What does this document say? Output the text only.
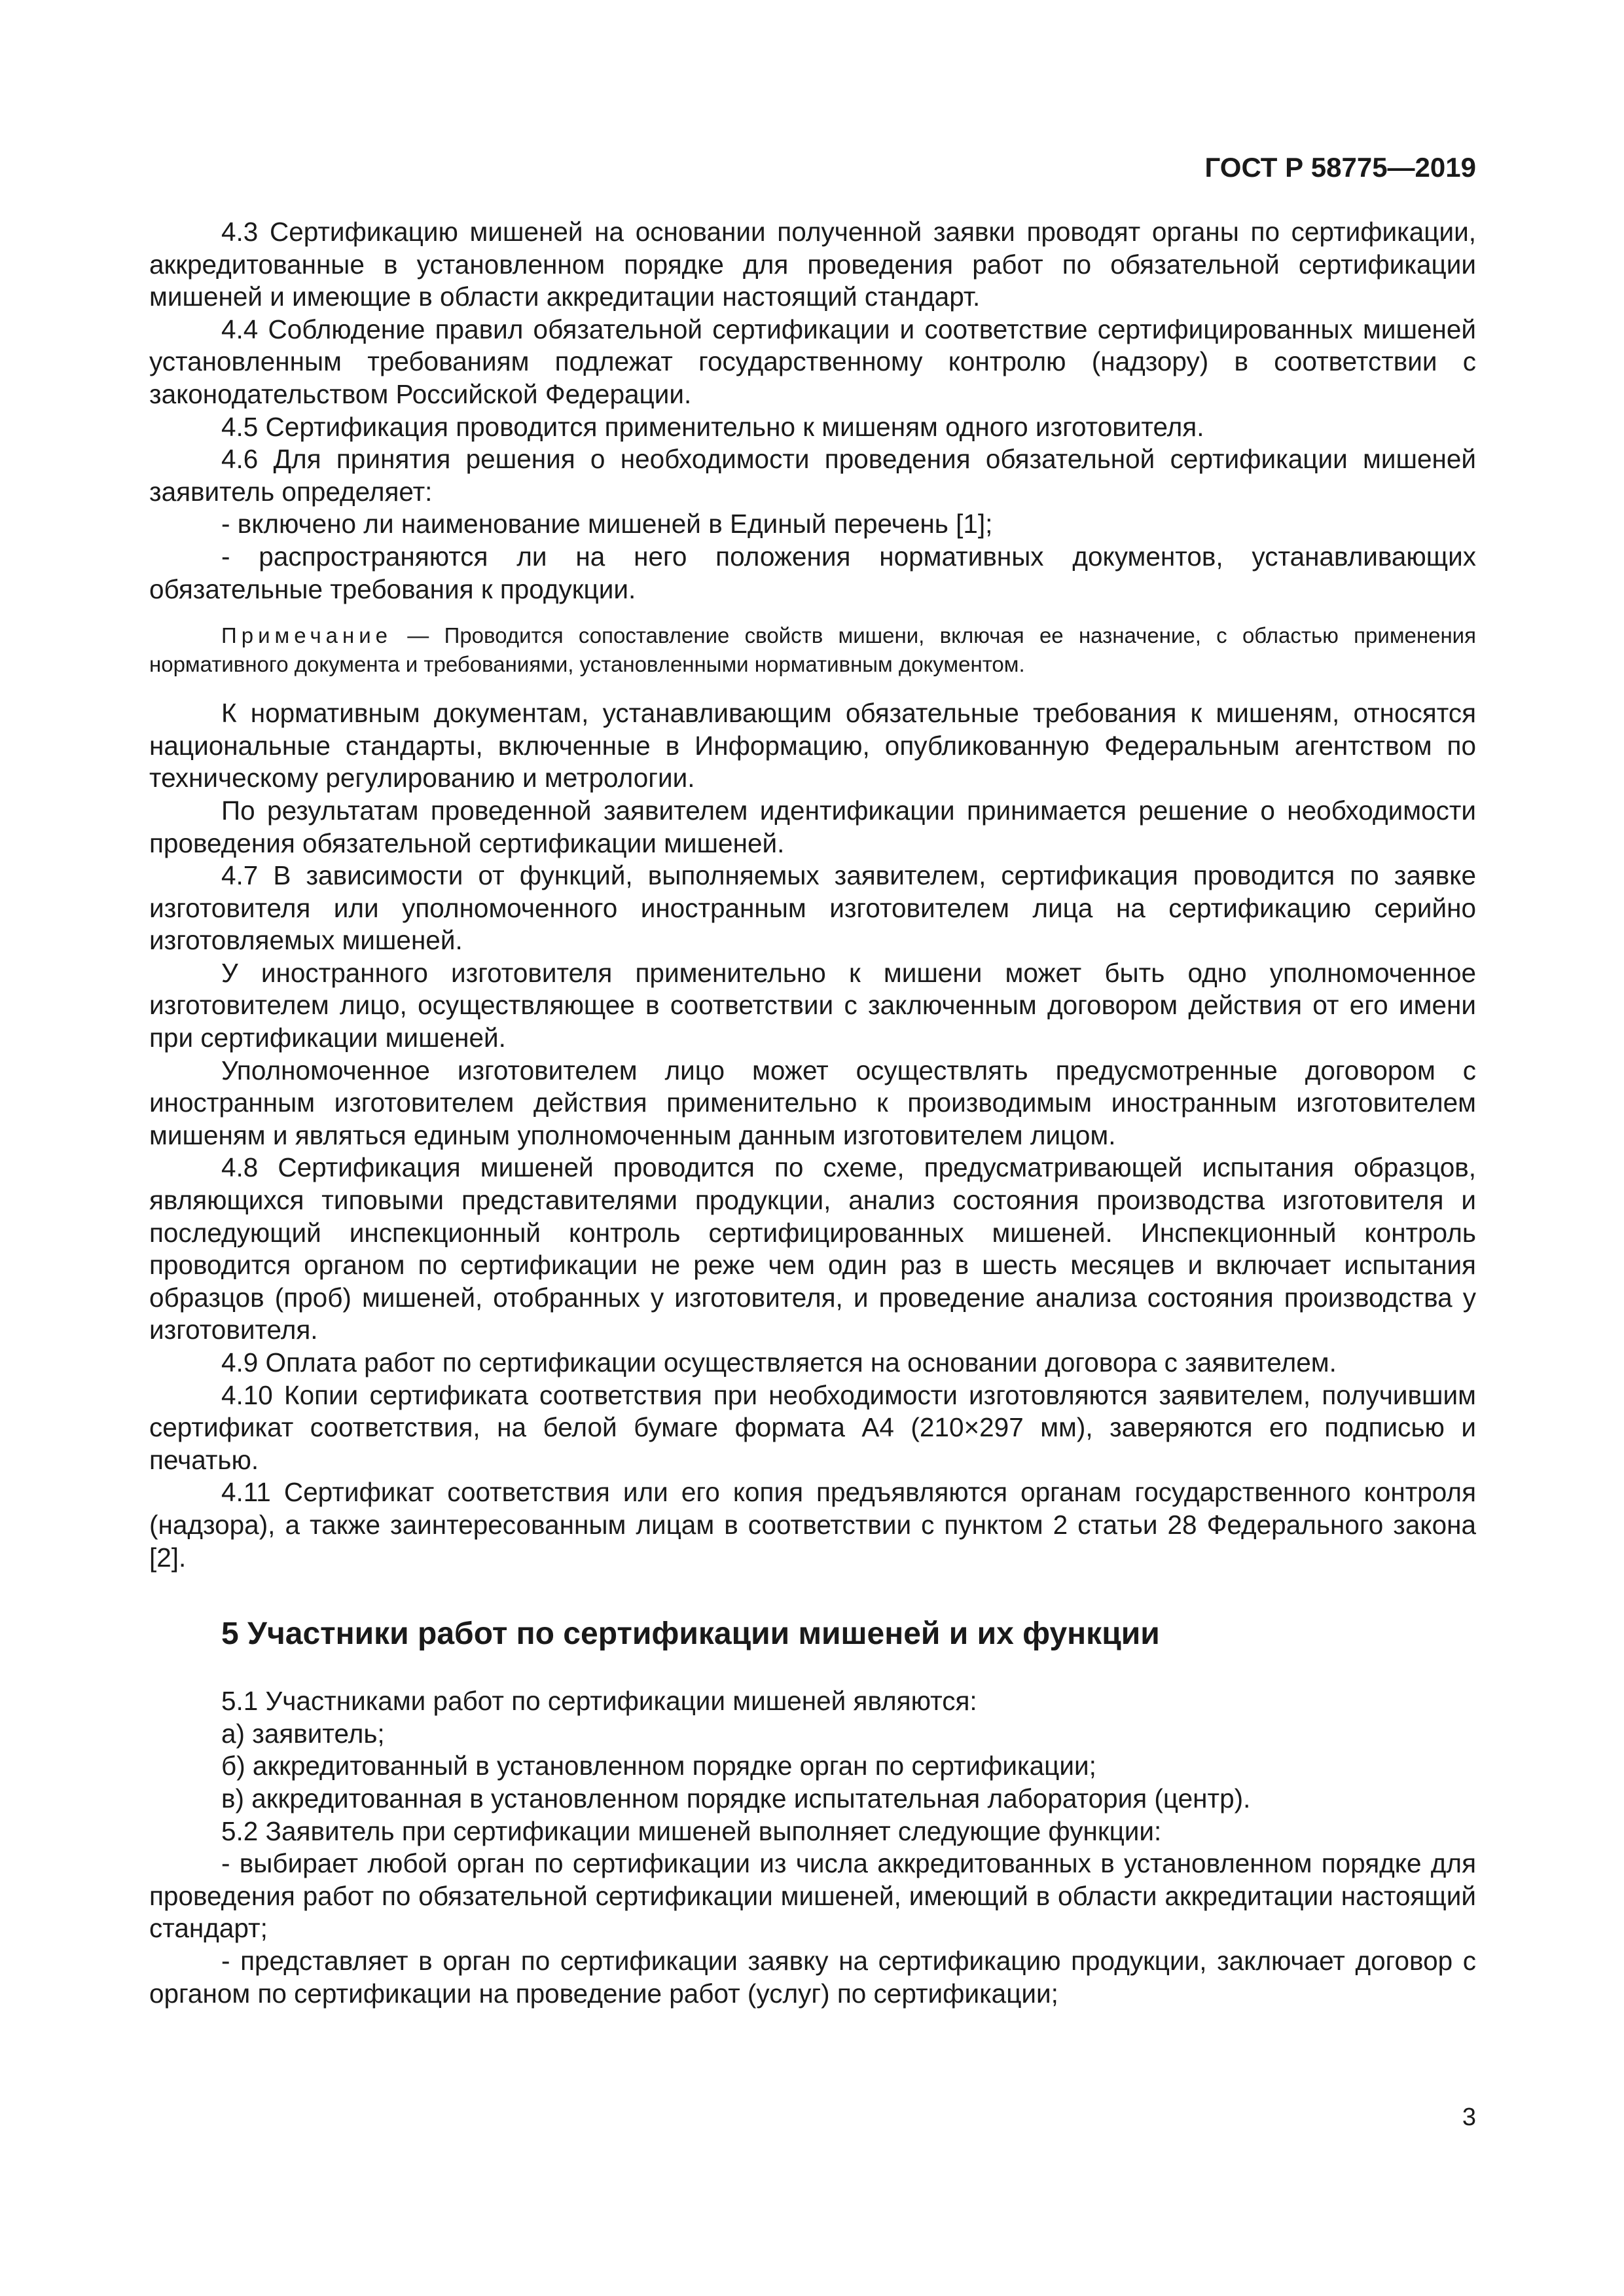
ГОСТ Р 58775—2019

4.3 Сертификацию мишеней на основании полученной заявки проводят органы по сертификации, аккредитованные в установленном порядке для проведения работ по обязательной сертификации мишеней и имеющие в области аккредитации настоящий стандарт.

4.4 Соблюдение правил обязательной сертификации и соответствие сертифицированных мишеней установленным требованиям подлежат государственному контролю (надзору) в соответствии с законодательством Российской Федерации.

4.5 Сертификация проводится применительно к мишеням одного изготовителя.

4.6 Для принятия решения о необходимости проведения обязательной сертификации мишеней заявитель определяет:

- включено ли наименование мишеней в Единый перечень [1];

- распространяются ли на него положения нормативных документов, устанавливающих обязательные требования к продукции.

Примечание — Проводится сопоставление свойств мишени, включая ее назначение, с областью применения нормативного документа и требованиями, установленными нормативным документом.

К нормативным документам, устанавливающим обязательные требования к мишеням, относятся национальные стандарты, включенные в Информацию, опубликованную Федеральным агентством по техническому регулированию и метрологии.

По результатам проведенной заявителем идентификации принимается решение о необходимости проведения обязательной сертификации мишеней.

4.7 В зависимости от функций, выполняемых заявителем, сертификация проводится по заявке изготовителя или уполномоченного иностранным изготовителем лица на сертификацию серийно изготовляемых мишеней.

У иностранного изготовителя применительно к мишени может быть одно уполномоченное изготовителем лицо, осуществляющее в соответствии с заключенным договором действия от его имени при сертификации мишеней.

Уполномоченное изготовителем лицо может осуществлять предусмотренные договором с иностранным изготовителем действия применительно к производимым иностранным изготовителем мишеням и являться единым уполномоченным данным изготовителем лицом.

4.8 Сертификация мишеней проводится по схеме, предусматривающей испытания образцов, являющихся типовыми представителями продукции, анализ состояния производства изготовителя и последующий инспекционный контроль сертифицированных мишеней. Инспекционный контроль проводится органом по сертификации не реже чем один раз в шесть месяцев и включает испытания образцов (проб) мишеней, отобранных у изготовителя, и проведение анализа состояния производства у изготовителя.

4.9 Оплата работ по сертификации осуществляется на основании договора с заявителем.

4.10 Копии сертификата соответствия при необходимости изготовляются заявителем, получившим сертификат соответствия, на белой бумаге формата А4 (210×297 мм), заверяются его подписью и печатью.

4.11 Сертификат соответствия или его копия предъявляются органам государственного контроля (надзора), а также заинтересованным лицам в соответствии с пунктом 2 статьи 28 Федерального закона [2].

5 Участники работ по сертификации мишеней и их функции

5.1 Участниками работ по сертификации мишеней являются:

а) заявитель;

б) аккредитованный в установленном порядке орган по сертификации;

в) аккредитованная в установленном порядке испытательная лаборатория (центр).

5.2 Заявитель при сертификации мишеней выполняет следующие функции:

- выбирает любой орган по сертификации из числа аккредитованных в установленном порядке для проведения работ по обязательной сертификации мишеней, имеющий в области аккредитации настоящий стандарт;

- представляет в орган по сертификации заявку на сертификацию продукции, заключает договор с органом по сертификации на проведение работ (услуг) по сертификации;

3
